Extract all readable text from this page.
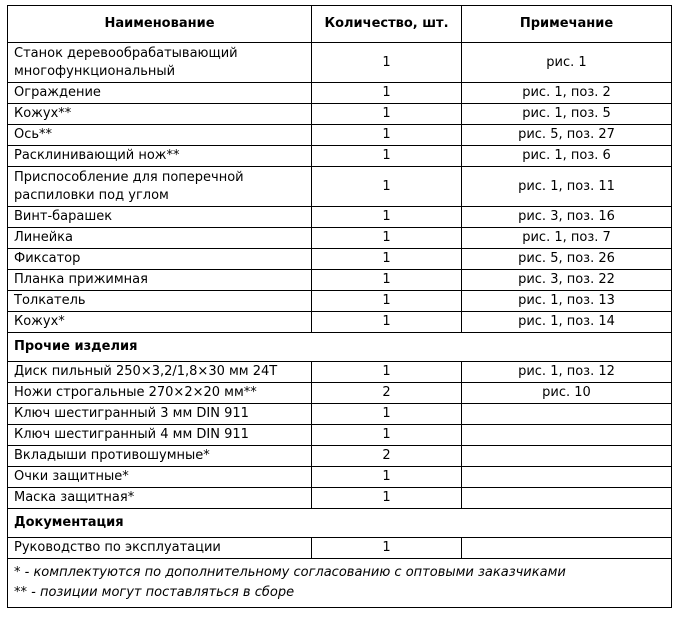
Наименование	Количество, шт.	Примечание
Станок деревообрабатывающий многофункциональный	1	рис. 1
Ограждение	1	рис. 1, поз. 2
Кожух**	1	рис. 1, поз. 5
Ось**	1	рис. 5, поз. 27
Расклинивающий нож**	1	рис. 1, поз. 6
Приспособление для поперечной распиловки под углом	1	рис. 1, поз. 11
Винт-барашек	1	рис. 3, поз. 16
Линейка	1	рис. 1, поз. 7
Фиксатор	1	рис. 5, поз. 26
Планка прижимная	1	рис. 3, поз. 22
Толкатель	1	рис. 1, поз. 13
Кожух*	1	рис. 1, поз. 14
Прочие изделия		
Диск пильный 250×3,2/1,8×30 мм 24T	1	рис. 1, поз. 12
Ножи строгальные 270×2×20 мм**	2	рис. 10
Ключ шестигранный 3 мм DIN 911	1	
Ключ шестигранный 4 мм DIN 911	1	
Вкладыши противошумные*	2	
Очки защитные*	1	
Маска защитная*	1	
Документация		
Руководство по эксплуатации	1	

* - комплектуются по дополнительному согласованию с оптовыми заказчиками
** - позиции могут поставляться в сборе		
